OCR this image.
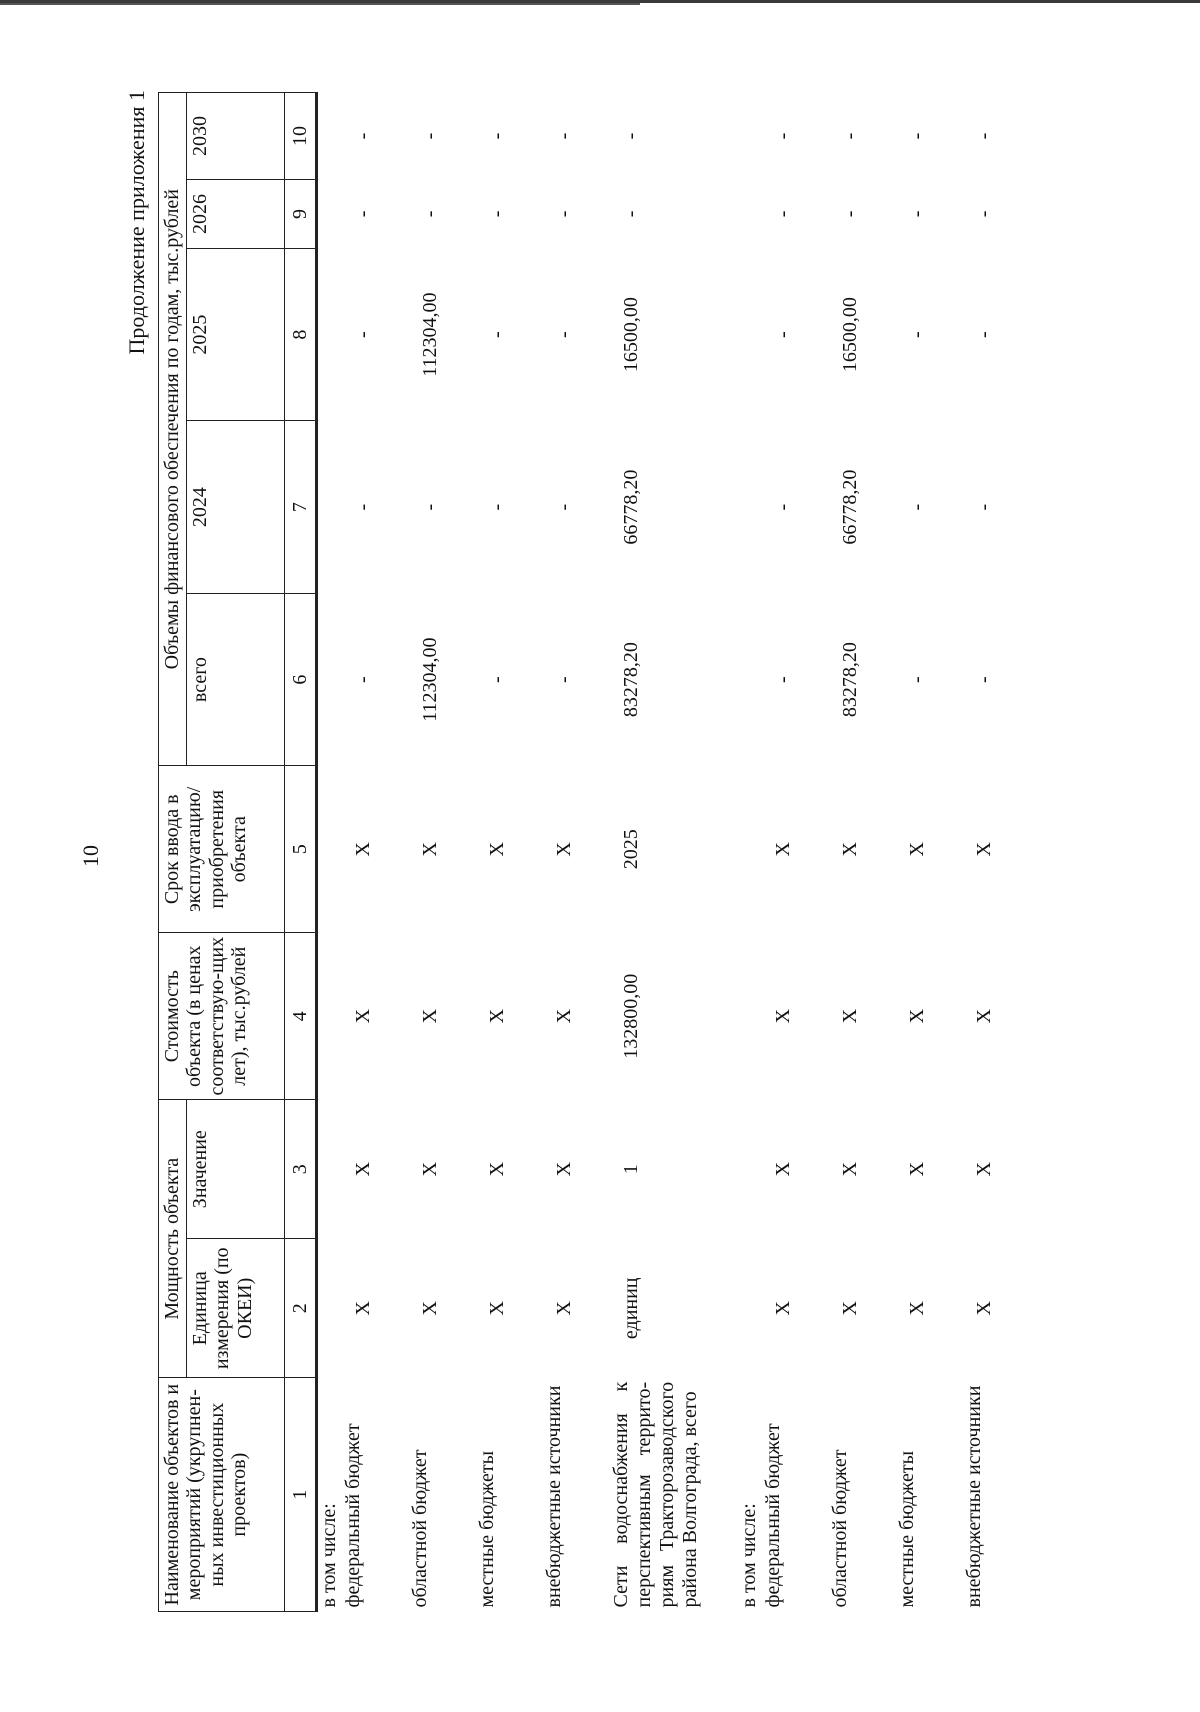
10
Продолжение приложения 1
Наименование объектов и мероприятий (укрупнен-ных инвестиционных проектов)	Мощность объекта		Стоимость объекта (в ценах соответствую-щих лет), тыс.рублей	Срок ввода в эксплуатацию/ приобретения объекта	Объемы финансового обеспечения по годам, тыс.рублей				
	Единица измерения (по ОКЕИ)	Значение			всего	2024	2025	2026	2030
1	2	3	4	5	6	7	8	9	10
в том числе:									
федеральный бюджет	X	X	X	X	-	-	-	-	-
областной бюджет	X	X	X	X	112304,00	-	112304,00	-	-
местные бюджеты	X	X	X	X	-	-	-	-	-
внебюджетные источники	X	X	X	X	-	-	-	-	-
Сети водоснабжения к перспективным террито-риям Тракторозаводского района Волгограда, всего	единиц	1	132800,00	2025	83278,20	66778,20	16500,00	-	-
в том числе:									
федеральный бюджет	X	X	X	X	-	-	-	-	-
областной бюджет	X	X	X	X	83278,20	66778,20	16500,00	-	-
местные бюджеты	X	X	X	X	-	-	-	-	-
внебюджетные источники	X	X	X	X	-	-	-	-	-
